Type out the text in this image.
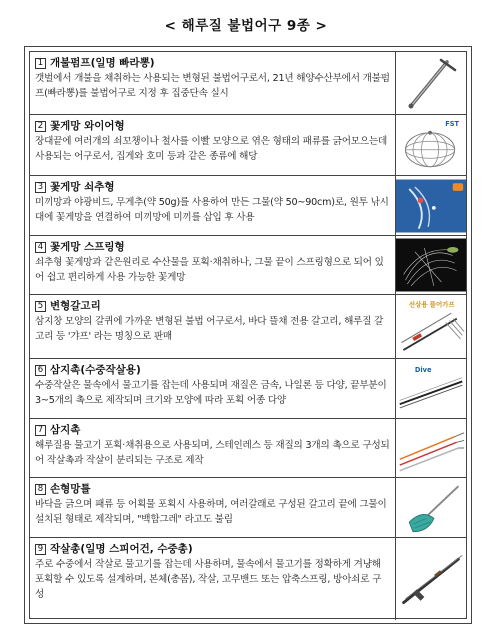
< 해루질 불법어구 9종 >
1 개불펌프(일명 빠라뽕)
갯벌에서 개불을 채취하는 사용되는 변형된 불법어구로서, 21년 해양수산부에서 개불펌프(빠라뽕)를 불법어구로 지정 후 집중단속 실시
2 꽃게망 와이어형
장대끝에 여러개의 쇠꼬챙이나 철사를 이빨 모양으로 엮은 형태의 패류를 긁어모으는데 사용되는 어구로서, 집게와 호미 등과 같은 종류에 해당
FST
3 꽃게망 쇠추형
미끼망과 야광비드, 무게추(약 50g)를 사용하여 만든 그물(약 50~90cm)로, 원투 낚시대에 꽃게망을 연결하여 미끼망에 미끼를 삽입 후 사용
4 꽃게망 스프링형
쇠추형 꽃게망과 같은원리로 수산물을 포획·채취하나, 그물 끝이 스프링형으로 되어 있어 쉽고 편리하게 사용 가능한 꽃게망
5 변형갈고리
삼지창 모양의 갈퀴에 가까운 변형된 불법 어구로서, 바다 뜰채 전용 갈고리, 해루질 갈고리 등 '갸프' 라는 명칭으로 판매
선상용 뜰어가프
6 삼지촉(수중작살용)
수중작살은 물속에서 물고기를 잡는데 사용되며 재질은 금속, 나일론 등 다양, 끝부분이 3~5개의 촉으로 제작되며 크기와 모양에 따라 포획 어종 다양
Dive
7 삼지촉
해루질용 물고기 포획·채취용으로 사용되며, 스테인레스 등 재질의 3개의 촉으로 구성되어 작살촉과 작살이 분리되는 구조로 제작
8 손형망틀
바닥을 긁으며 패류 등 어획물 포획시 사용하며, 여러갈래로 구성된 갈고리 끝에 그물이 설치된 형태로 제작되며, "백합그레" 라고도 불림
9 작살총(일명 스피어건, 수중총)
주로 수중에서 작살로 물고기를 잡는데 사용하며, 물속에서 물고기를 정확하게 겨냥해 포획할 수 있도록 설계하며, 본체(총몸), 작살, 고무밴드 또는 압축스프링, 방아쇠로 구성
